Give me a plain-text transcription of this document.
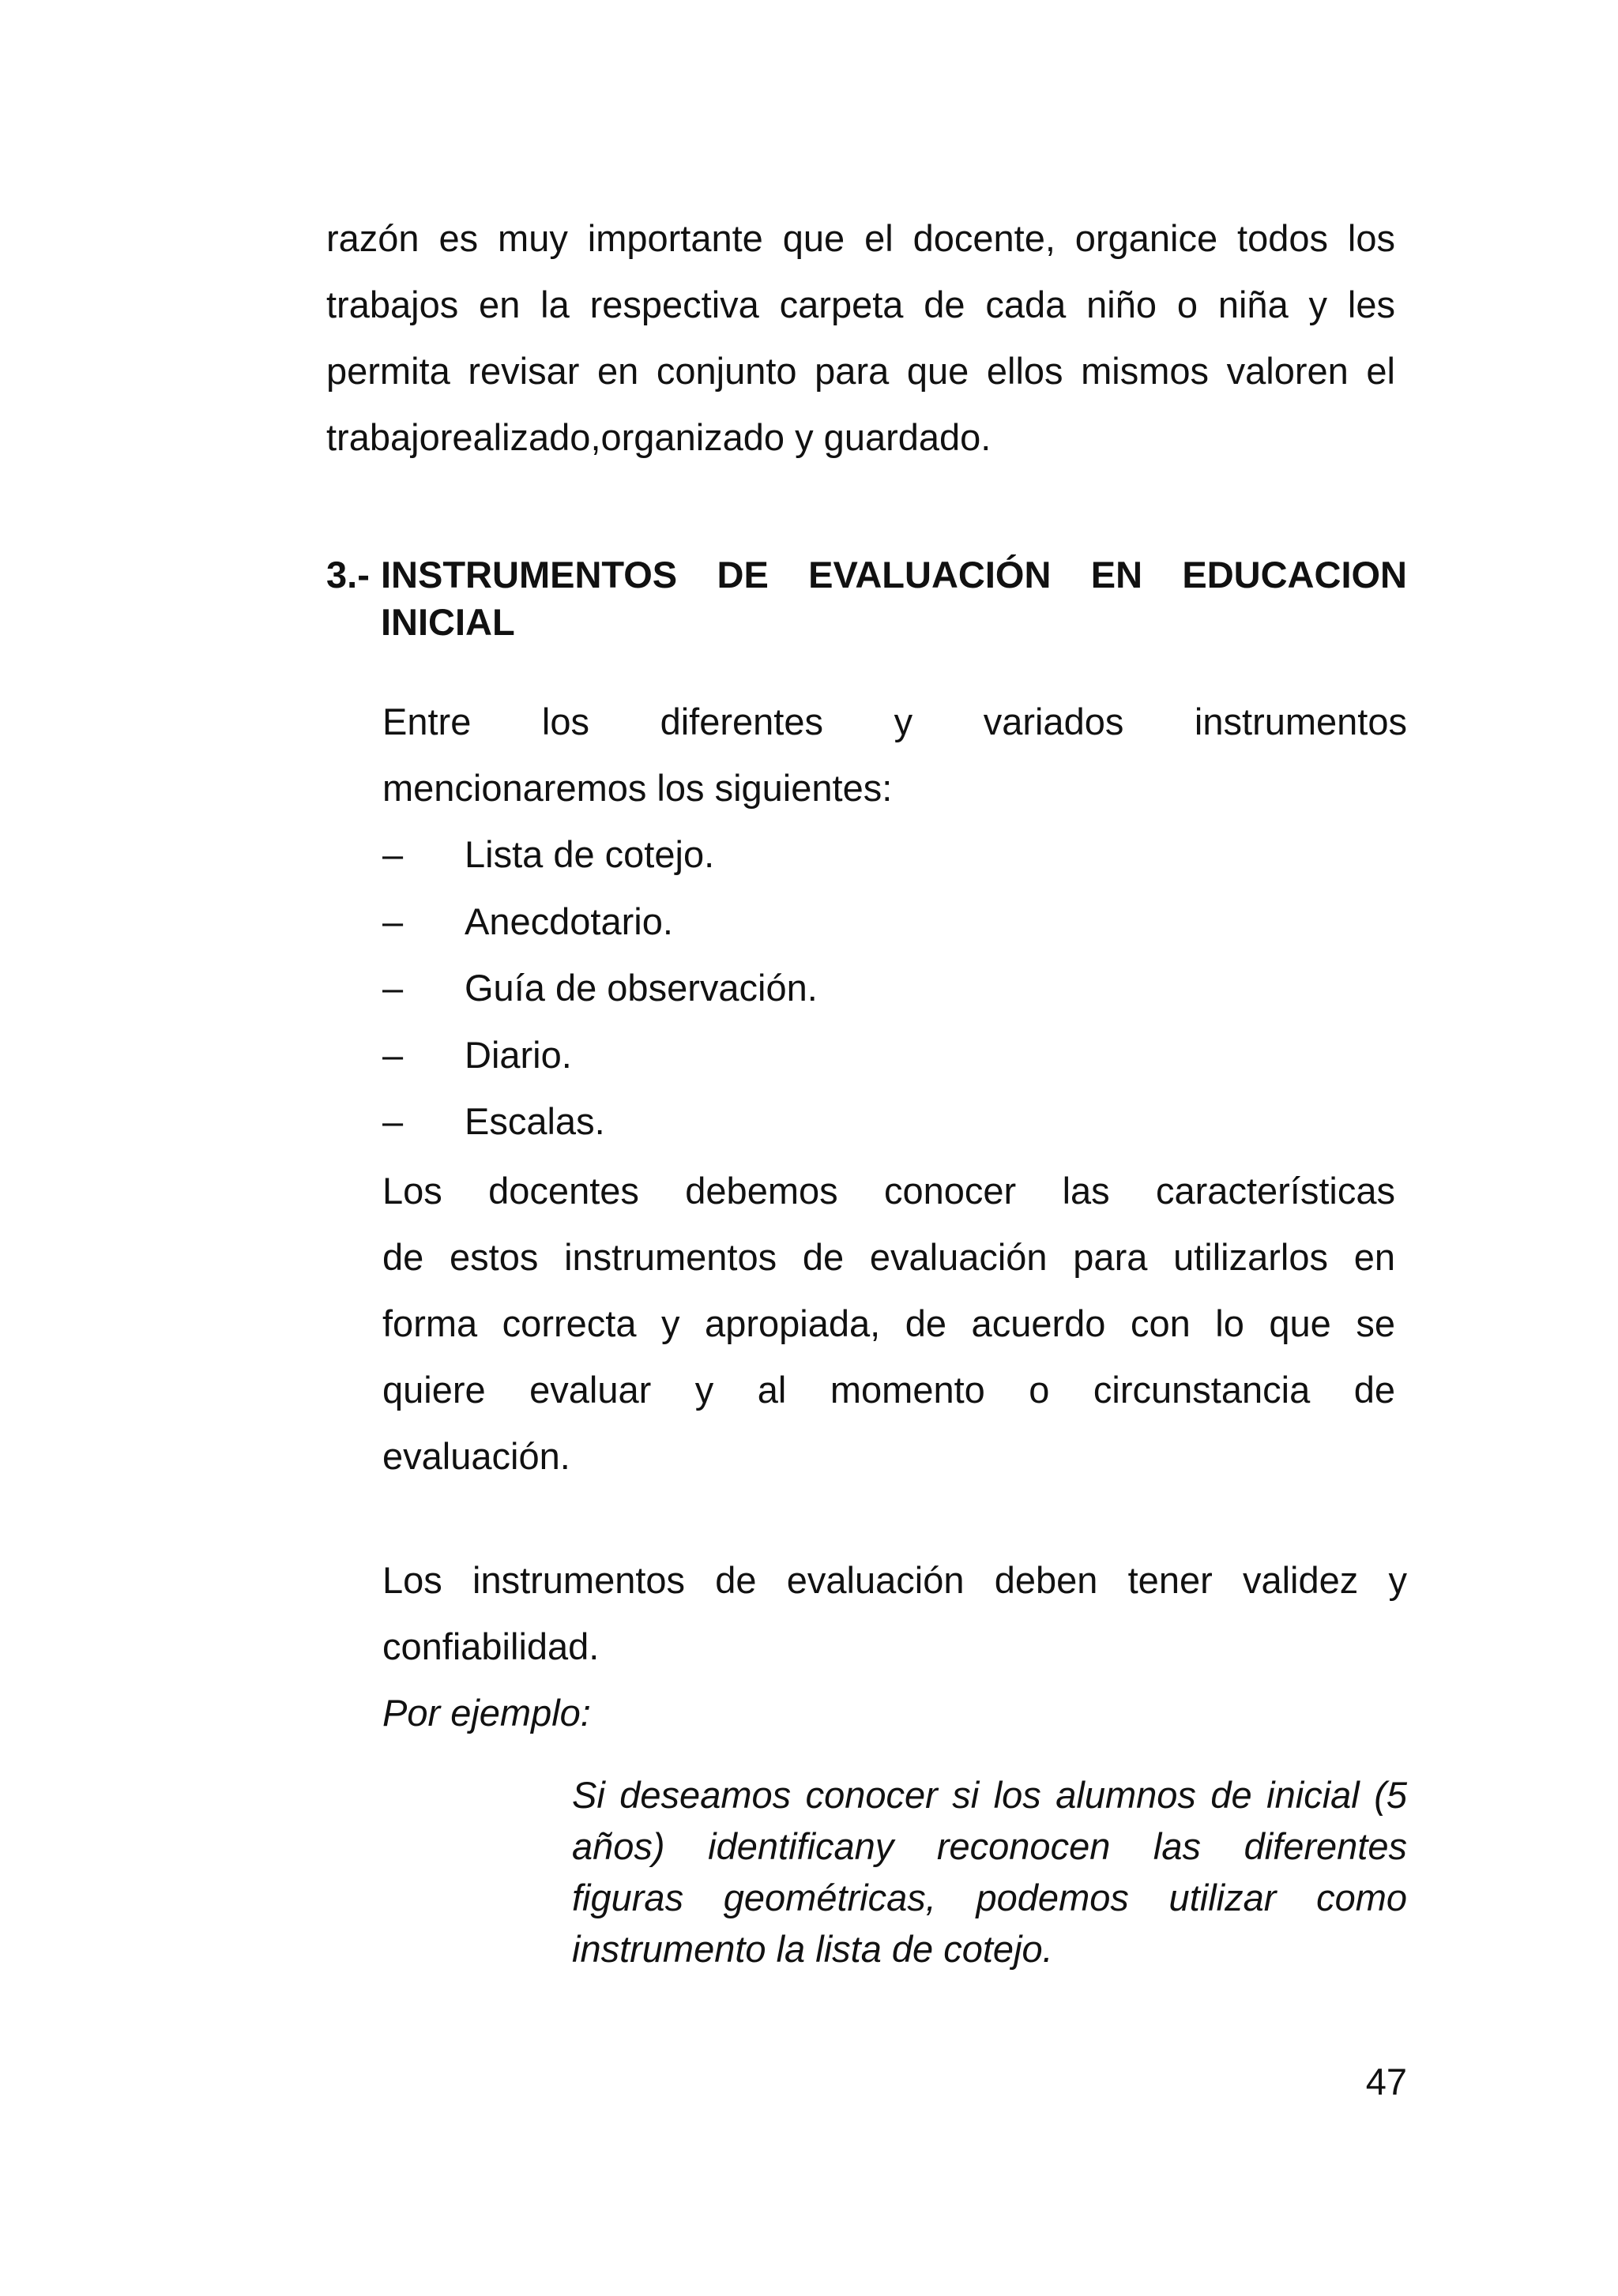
razón es muy importante que el docente, organice todos los
trabajos en la respectiva carpeta de cada niño o niña y les
permita revisar en conjunto para que ellos mismos valoren el
trabajorealizado,organizado y guardado.
3.- INSTRUMENTOS DE EVALUACIÓN EN EDUCACION
INICIAL
Entre los diferentes y variados instrumentos
mencionaremos los siguientes:
–	Lista de cotejo.
–	Anecdotario.
–	Guía de observación.
–	Diario.
–	Escalas.
Los docentes debemos conocer las características
de estos instrumentos de evaluación para utilizarlos en
forma correcta y apropiada, de acuerdo con lo que se
quiere evaluar y al momento o circunstancia de
evaluación.
Los instrumentos de evaluación deben tener validez y
confiabilidad.
Por ejemplo:
Si deseamos conocer si los alumnos de inicial (5
años) identificany reconocen las diferentes
figuras geométricas, podemos utilizar como
instrumento la lista de cotejo.
47
